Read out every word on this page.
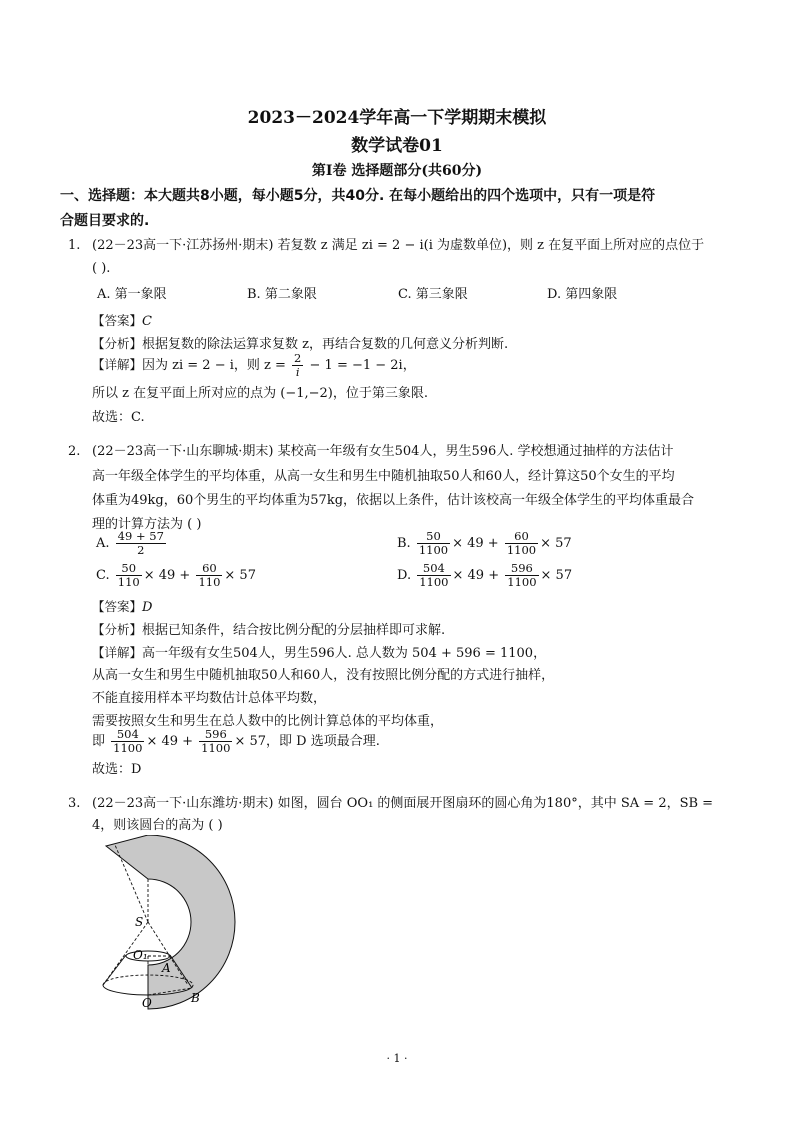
2023－2024学年高一下学期期末模拟
数学试卷01
第I卷 选择题部分(共60分)
一、选择题：本大题共8小题，每小题5分，共40分. 在每小题给出的四个选项中，只有一项是符
合题目要求的.
1. (22－23高一下·江苏扬州·期末) 若复数 z 满足 zi = 2 − i(i 为虚数单位)，则 z 在复平面上所对应的点位于
( ).
A. 第一象限	B. 第二象限	C. 第三象限	D. 第四象限
【答案】C
【分析】根据复数的除法运算求复数 z，再结合复数的几何意义分析判断.
【详解】因为 zi = 2 − i，则 $z = \frac{2}{i} - 1 = -1 - 2i$，
所以 z 在复平面上所对应的点为 (−1,−2)，位于第三象限.
故选：C.
2. (22－23高一下·山东聊城·期末) 某校高一年级有女生504人，男生596人. 学校想通过抽样的方法估计
高一年级全体学生的平均体重，从高一女生和男生中随机抽取50人和60人，经计算这50个女生的平均
体重为49kg，60个男生的平均体重为57kg，依据以上条件，估计该校高一年级全体学生的平均体重最合
理的计算方法为 ( )
A. $\frac{49 + 57}{2}$	B. $\frac{50}{1100} \times 49 + \frac{60}{1100} \times 57$
C. $\frac{50}{110} \times 49 + \frac{60}{110} \times 57$	D. $\frac{504}{1100} \times 49 + \frac{596}{1100} \times 57$
【答案】D
【分析】根据已知条件，结合按比例分配的分层抽样即可求解.
【详解】高一年级有女生504人，男生596人. 总人数为 504 + 596 = 1100，
从高一女生和男生中随机抽取50人和60人，没有按照比例分配的方式进行抽样，
不能直接用样本平均数估计总体平均数，
需要按照女生和男生在总人数中的比例计算总体的平均体重，
即 $\frac{504}{1100} \times 49 + \frac{596}{1100} \times 57$，即 D 选项最合理.
故选：D
3. (22－23高一下·山东潍坊·期末) 如图，圆台 OO₁ 的侧面展开图扇环的圆心角为180°，其中 SA = 2，SB =
4，则该圆台的高为 ( )
S
O₁
A
O	B
· 1 ·
